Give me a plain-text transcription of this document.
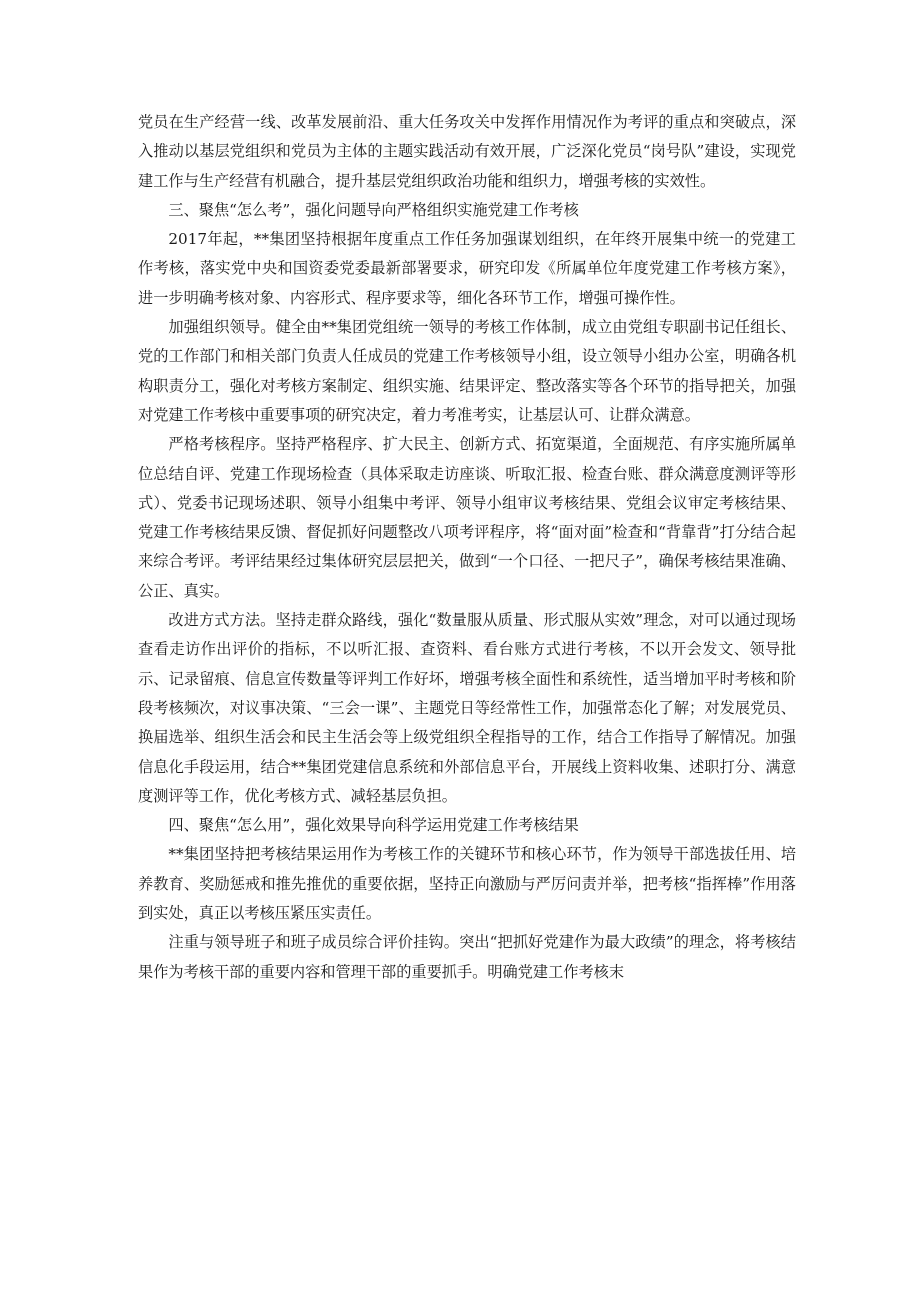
党员在生产经营一线、改革发展前沿、重大任务攻关中发挥作用情况作为考评的重点和突破点，深入推动以基层党组织和党员为主体的主题实践活动有效开展，广泛深化党员“岗号队”建设，实现党建工作与生产经营有机融合，提升基层党组织政治功能和组织力，增强考核的实效性。

三、聚焦“怎么考”，强化问题导向严格组织实施党建工作考核

2017年起，**集团坚持根据年度重点工作任务加强谋划组织，在年终开展集中统一的党建工作考核，落实党中央和国资委党委最新部署要求，研究印发《所属单位年度党建工作考核方案》，进一步明确考核对象、内容形式、程序要求等，细化各环节工作，增强可操作性。

加强组织领导。健全由**集团党组统一领导的考核工作体制，成立由党组专职副书记任组长、党的工作部门和相关部门负责人任成员的党建工作考核领导小组，设立领导小组办公室，明确各机构职责分工，强化对考核方案制定、组织实施、结果评定、整改落实等各个环节的指导把关，加强对党建工作考核中重要事项的研究决定，着力考准考实，让基层认可、让群众满意。

严格考核程序。坚持严格程序、扩大民主、创新方式、拓宽渠道，全面规范、有序实施所属单位总结自评、党建工作现场检查（具体采取走访座谈、听取汇报、检查台账、群众满意度测评等形式）、党委书记现场述职、领导小组集中考评、领导小组审议考核结果、党组会议审定考核结果、党建工作考核结果反馈、督促抓好问题整改八项考评程序，将“面对面”检查和“背靠背”打分结合起来综合考评。考评结果经过集体研究层层把关，做到“一个口径、一把尺子”，确保考核结果准确、公正、真实。

改进方式方法。坚持走群众路线，强化“数量服从质量、形式服从实效”理念，对可以通过现场查看走访作出评价的指标，不以听汇报、查资料、看台账方式进行考核，不以开会发文、领导批示、记录留痕、信息宣传数量等评判工作好坏，增强考核全面性和系统性，适当增加平时考核和阶段考核频次，对议事决策、“三会一课”、主题党日等经常性工作，加强常态化了解；对发展党员、换届选举、组织生活会和民主生活会等上级党组织全程指导的工作，结合工作指导了解情况。加强信息化手段运用，结合**集团党建信息系统和外部信息平台，开展线上资料收集、述职打分、满意度测评等工作，优化考核方式、减轻基层负担。

四、聚焦“怎么用”，强化效果导向科学运用党建工作考核结果

**集团坚持把考核结果运用作为考核工作的关键环节和核心环节，作为领导干部选拔任用、培养教育、奖励惩戒和推先推优的重要依据，坚持正向激励与严厉问责并举，把考核“指挥棒”作用落到实处，真正以考核压紧压实责任。

注重与领导班子和班子成员综合评价挂钩。突出“把抓好党建作为最大政绩”的理念，将考核结果作为考核干部的重要内容和管理干部的重要抓手。明确党建工作考核末
